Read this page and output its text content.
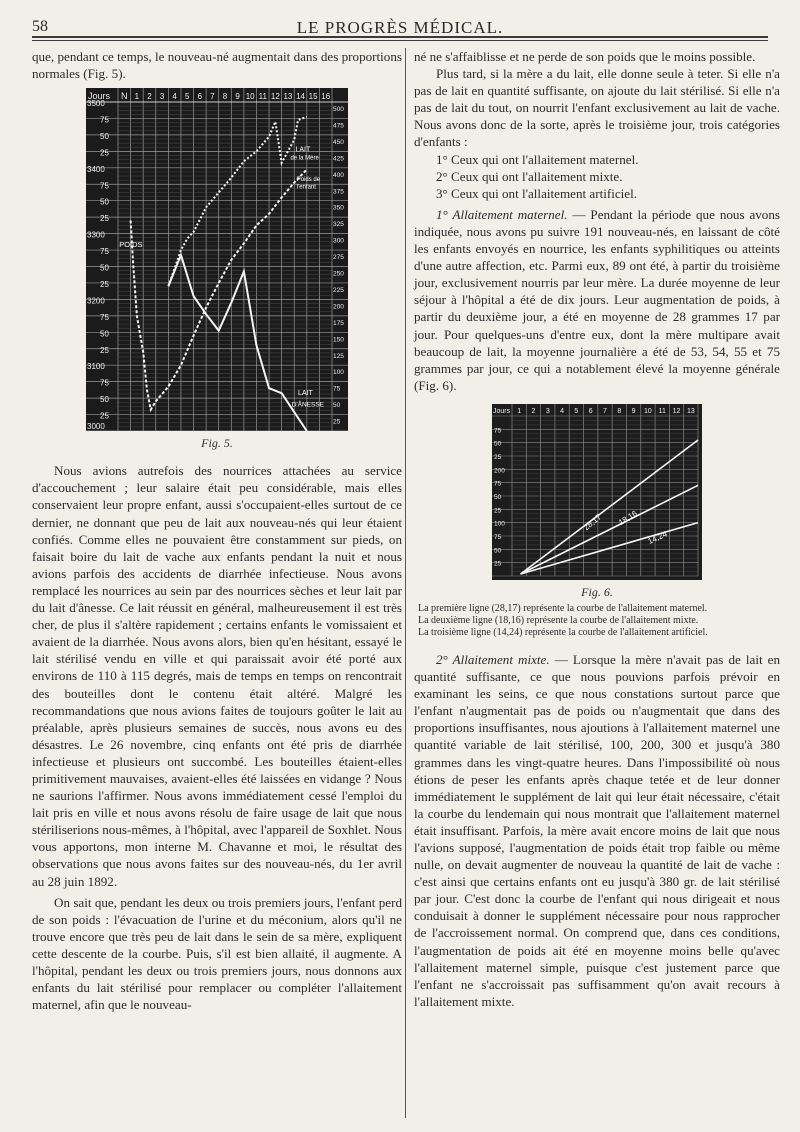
58	LE PROGRÈS MÉDICAL.

que, pendant ce temps, le nouveau-né augmentait dans des proportions normales (Fig. 5).

Jours N 1 2 3 4 5 6 7 8 9 10 11 12 13 14 15 16
3500
75
50
25
3400
75
50
25
3300
75
50
25
3200
75
50
25
3100
75
50
25
3000
500
475
450
425
400
375
350
325
300
275
250
225
200
175
150
125
100
75
50
25
POIDS
LAIT
de la Mère
Poids de
l'enfant
LAIT
D'ÂNESSE
Fig. 5.

Nous avions autrefois des nourrices attachées au service d'accouchement ; leur salaire était peu considérable, mais elles conservaient leur propre enfant, aussi s'occupaient-elles surtout de ce dernier, ne donnant que peu de lait aux nouveau-nés qui leur étaient confiés. Comme elles ne pouvaient être constamment sur pieds, on faisait boire du lait de vache aux enfants pendant la nuit et nous avions parfois des accidents de diarrhée infectieuse. Nous avons remplacé les nourrices au sein par des nourrices sèches et leur lait par du lait d'ânesse. Ce lait réussit en général, malheureusement il est très cher, de plus il s'altère rapidement ; certains enfants le vomissaient et avaient de la diarrhée. Nous avons alors, bien qu'en hésitant, essayé le lait stérilisé vendu en ville et qui paraissait avoir été porté aux environs de 110 à 115 degrés, mais de temps en temps on rencontrait des bouteilles dont le contenu était altéré. Malgré les recommandations que nous avions faites de toujours goûter le lait au préalable, après plusieurs semaines de succès, nous avons eu des désastres. Le 26 novembre, cinq enfants ont été pris de diarrhée infectieuse et plusieurs ont succombé. Les bouteilles étaient-elles primitivement mauvaises, avaient-elles été laissées en vidange ? Nous ne saurions l'affirmer. Nous avons immédiatement cessé l'emploi du lait pris en ville et nous avons résolu de faire usage de lait que nous stériliserions nous-mêmes, à l'hôpital, avec l'appareil de Soxhlet. Nous vous apportons, mon interne M. Chavanne et moi, le résultat des observations que nous avons faites sur des nouveau-nés, du 1er avril au 28 juin 1892.

On sait que, pendant les deux ou trois premiers jours, l'enfant perd de son poids : l'évacuation de l'urine et du méconium, alors qu'il ne trouve encore que très peu de lait dans le sein de sa mère, expliquent cette descente de la courbe. Puis, s'il est bien allaité, il augmente. A l'hôpital, pendant les deux ou trois premiers jours, nous donnons aux enfants du lait stérilisé pour remplacer ou compléter l'allaitement maternel, afin que le nouveau-

né ne s'affaiblisse et ne perde de son poids que le moins possible.

Plus tard, si la mère a du lait, elle donne seule à teter. Si elle n'a pas de lait en quantité suffisante, on ajoute du lait stérilisé. Si elle n'a pas de lait du tout, on nourrit l'enfant exclusivement au lait de vache. Nous avons donc de la sorte, après le troisième jour, trois catégories d'enfants :

1° Ceux qui ont l'allaitement maternel.
2° Ceux qui ont l'allaitement mixte.
3° Ceux qui ont l'allaitement artificiel.

1° Allaitement maternel. — Pendant la période que nous avons indiquée, nous avons pu suivre 191 nouveau-nés, en laissant de côté les enfants envoyés en nourrice, les enfants syphilitiques ou atteints d'une autre affection, etc. Parmi eux, 89 ont été, à partir du troisième jour, exclusivement nourris par leur mère. La durée moyenne de leur séjour à l'hôpital a été de dix jours. Leur augmentation de poids, à partir du deuxième jour, a été en moyenne de 28 grammes 17 par jour. Pour quelques-uns d'entre eux, dont la mère multipare avait beaucoup de lait, la moyenne journalière a été de 53, 54, 55 et 75 grammes par jour, ce qui a notablement élevé la moyenne générale (Fig. 6).

Jours 1 2 3 4 5 6 7 8 9 10 11 12 13
75
50
25
200
75
50
25
100
75
50
25
28,17 18,16
14,24
Fig. 6.
La première ligne (28,17) représente la courbe de l'allaitement maternel.
La deuxième ligne (18,16) représente la courbe de l'allaitement mixte.
La troisième ligne (14,24) représente la courbe de l'allaitement artificiel.

2° Allaitement mixte. — Lorsque la mère n'avait pas de lait en quantité suffisante, ce que nous pouvions parfois prévoir en examinant les seins, ce que nous constations surtout parce que l'enfant n'augmentait pas de poids ou n'augmentait que dans des proportions insuffisantes, nous ajoutions à l'allaitement maternel une quantité variable de lait stérilisé, 100, 200, 300 et jusqu'à 380 grammes dans les vingt-quatre heures. Dans l'impossibilité où nous étions de peser les enfants après chaque tetée et de leur donner immédiatement le supplément de lait qui leur était nécessaire, c'était la courbe du lendemain qui nous montrait que l'allaitement maternel était insuffisant. Parfois, la mère avait encore moins de lait que nous l'avions supposé, l'augmentation de poids était trop faible ou même nulle, on devait augmenter de nouveau la quantité de lait de vache : c'est ainsi que certains enfants ont eu jusqu'à 380 gr. de lait stérilisé par jour. C'est donc la courbe de l'enfant qui nous dirigeait et nous conduisait à donner le supplément nécessaire pour nous rapprocher de l'accroissement normal. On comprend que, dans ces conditions, l'augmentation de poids ait été en moyenne moins belle qu'avec l'allaitement maternel simple, puisque c'est justement parce que l'enfant ne s'accroissait pas suffisamment qu'on avait recours à l'allaitement mixte.
